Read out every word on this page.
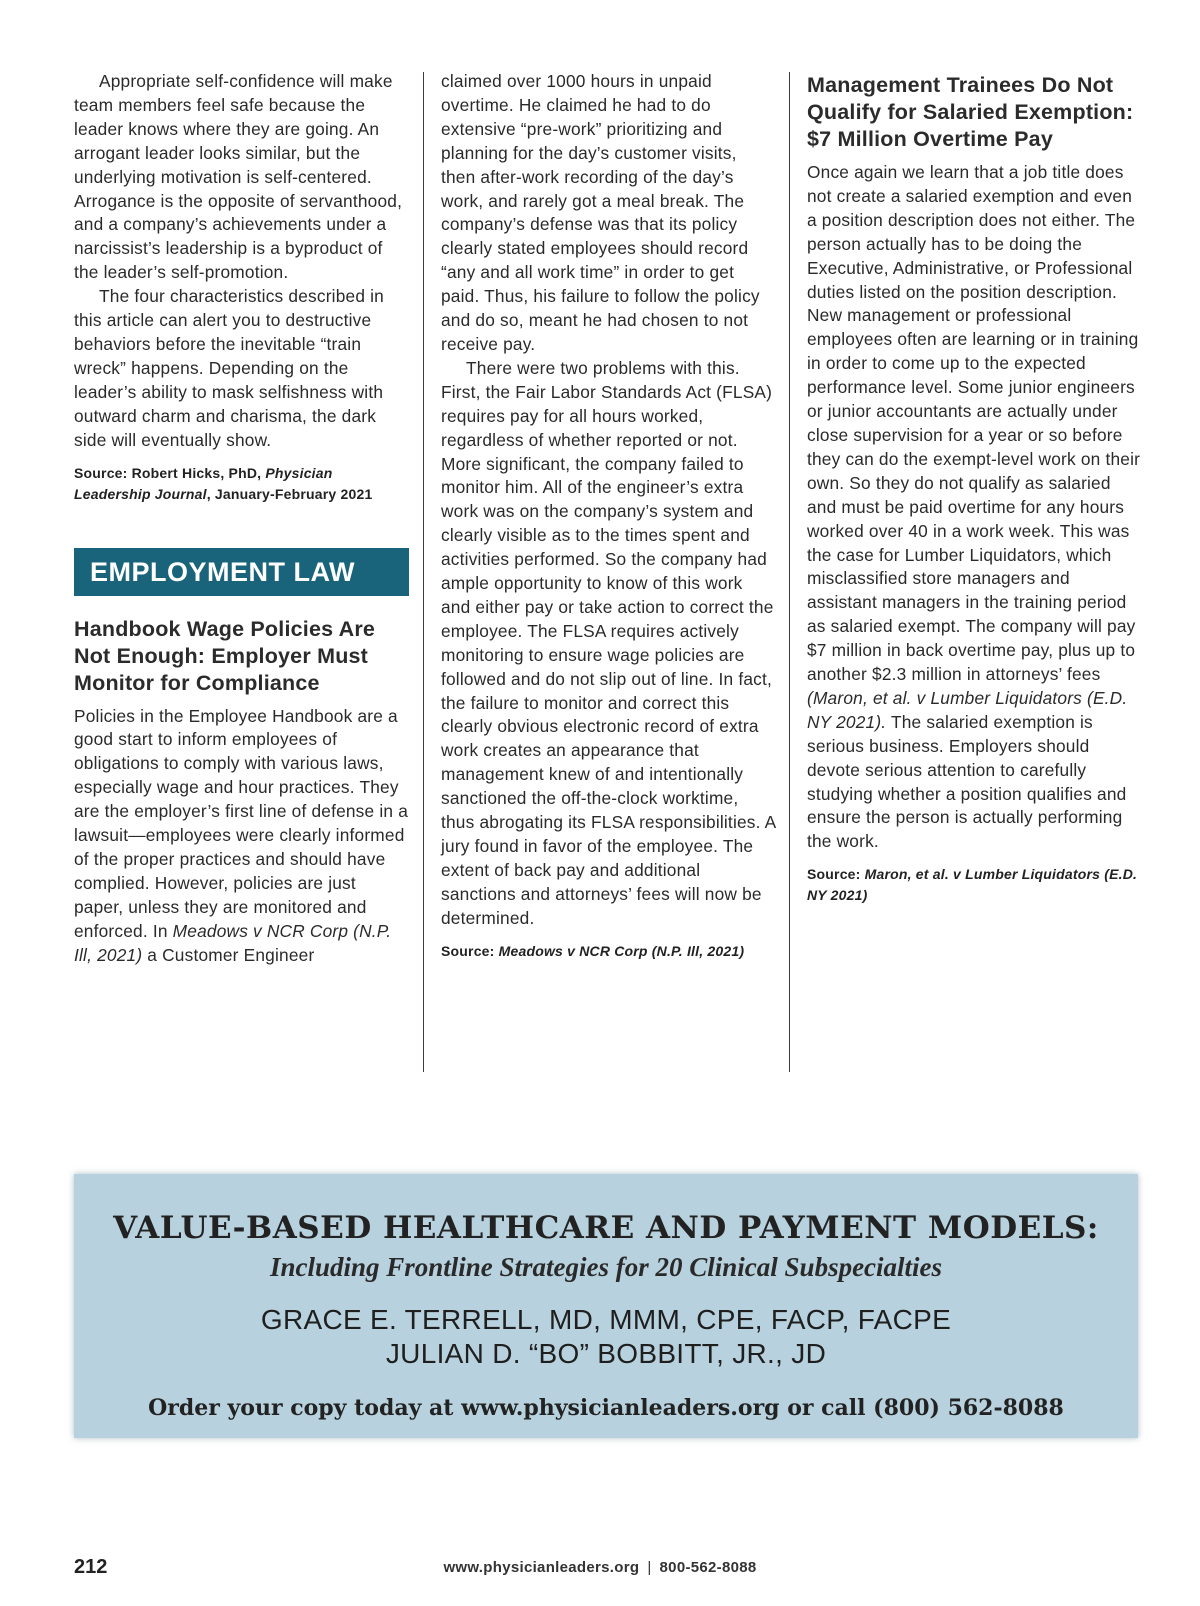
Appropriate self-confidence will make team members feel safe because the leader knows where they are going. An arrogant leader looks similar, but the underlying motivation is self-centered. Arrogance is the opposite of servanthood, and a company’s achievements under a narcissist’s leadership is a byproduct of the leader’s self-promotion.

The four characteristics described in this article can alert you to destructive behaviors before the inevitable “train wreck” happens. Depending on the leader’s ability to mask selfishness with outward charm and charisma, the dark side will eventually show.

Source: Robert Hicks, PhD, Physician Leadership Journal, January-February 2021
EMPLOYMENT LAW
Handbook Wage Policies Are Not Enough: Employer Must Monitor for Compliance

Policies in the Employee Handbook are a good start to inform employees of obligations to comply with various laws, especially wage and hour practices. They are the employer’s first line of defense in a lawsuit—employees were clearly informed of the proper practices and should have complied. However, policies are just paper, unless they are monitored and enforced. In Meadows v NCR Corp (N.P. Ill, 2021) a Customer Engineer

claimed over 1000 hours in unpaid overtime. He claimed he had to do extensive “pre-work” prioritizing and planning for the day’s customer visits, then after-work recording of the day’s work, and rarely got a meal break. The company’s defense was that its policy clearly stated employees should record “any and all work time” in order to get paid. Thus, his failure to follow the policy and do so, meant he had chosen to not receive pay.

There were two problems with this. First, the Fair Labor Standards Act (FLSA) requires pay for all hours worked, regardless of whether reported or not. More significant, the company failed to monitor him. All of the engineer’s extra work was on the company’s system and clearly visible as to the times spent and activities performed. So the company had ample opportunity to know of this work and either pay or take action to correct the employee. The FLSA requires actively monitoring to ensure wage policies are followed and do not slip out of line. In fact, the failure to monitor and correct this clearly obvious electronic record of extra work creates an appearance that management knew of and intentionally sanctioned the off-the-clock worktime, thus abrogating its FLSA responsibilities. A jury found in favor of the employee. The extent of back pay and additional sanctions and attorneys’ fees will now be determined.

Source: Meadows v NCR Corp (N.P. Ill, 2021)
Management Trainees Do Not Qualify for Salaried Exemption: $7 Million Overtime Pay

Once again we learn that a job title does not create a salaried exemption and even a position description does not either. The person actually has to be doing the Executive, Administrative, or Professional duties listed on the position description. New management or professional employees often are learning or in training in order to come up to the expected performance level. Some junior engineers or junior accountants are actually under close supervision for a year or so before they can do the exempt-level work on their own. So they do not qualify as salaried and must be paid overtime for any hours worked over 40 in a work week. This was the case for Lumber Liquidators, which misclassified store managers and assistant managers in the training period as salaried exempt. The company will pay $7 million in back overtime pay, plus up to another $2.3 million in attorneys’ fees (Maron, et al. v Lumber Liquidators (E.D. NY 2021). The salaried exemption is serious business. Employers should devote serious attention to carefully studying whether a position qualifies and ensure the person is actually performing the work.

Source: Maron, et al. v Lumber Liquidators (E.D. NY 2021)
VALUE-BASED HEALTHCARE AND PAYMENT MODELS:
Including Frontline Strategies for 20 Clinical Subspecialties
GRACE E. TERRELL, MD, MMM, CPE, FACP, FACPE
JULIAN D. “BO” BOBBITT, JR., JD
Order your copy today at www.physicianleaders.org or call (800) 562-8088
212	www.physicianleaders.org | 800-562-8088
